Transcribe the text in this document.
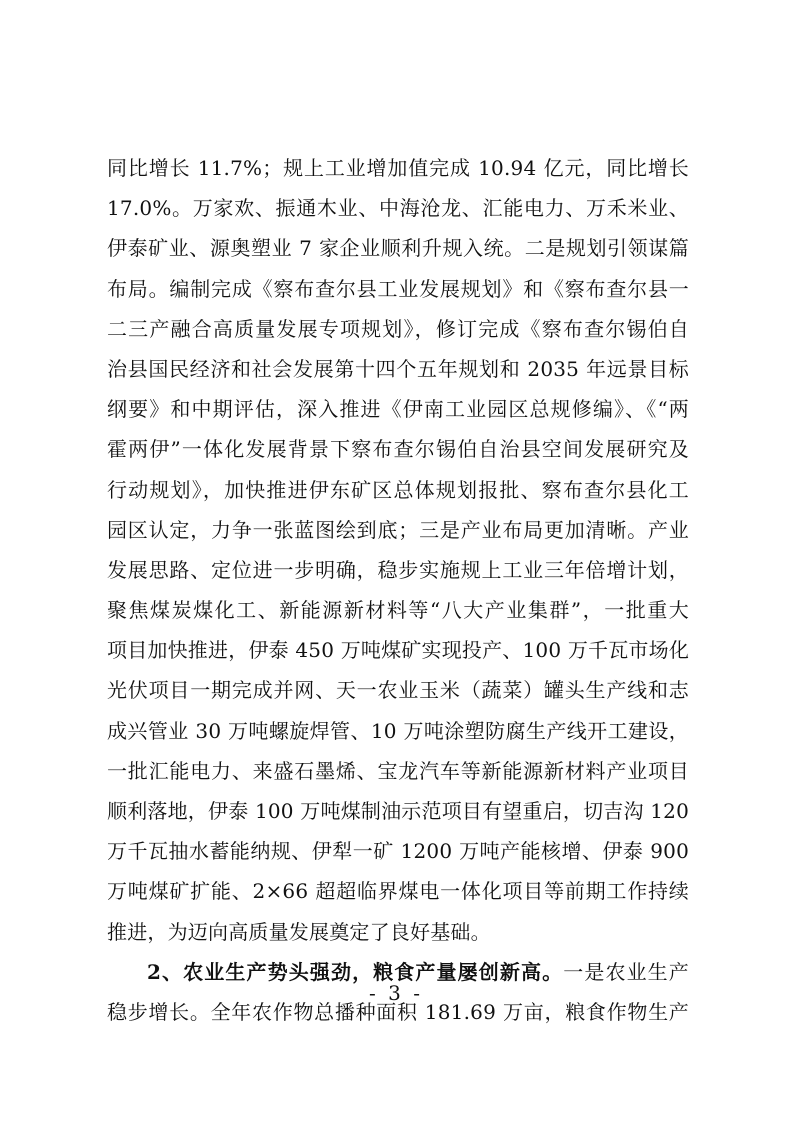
同比增长 11.7%；规上工业增加值完成 10.94 亿元，同比增长
17.0%。万家欢、振通木业、中海沧龙、汇能电力、万禾米业、
伊泰矿业、源奥塑业 7 家企业顺利升规入统。二是规划引领谋篇
布局。编制完成《察布查尔县工业发展规划》和《察布查尔县一
二三产融合高质量发展专项规划》，修订完成《察布查尔锡伯自
治县国民经济和社会发展第十四个五年规划和 2035 年远景目标
纲要》和中期评估，深入推进《伊南工业园区总规修编》、《“两
霍两伊”一体化发展背景下察布查尔锡伯自治县空间发展研究及
行动规划》，加快推进伊东矿区总体规划报批、察布查尔县化工
园区认定，力争一张蓝图绘到底；三是产业布局更加清晰。产业
发展思路、定位进一步明确，稳步实施规上工业三年倍增计划，
聚焦煤炭煤化工、新能源新材料等“八大产业集群”，一批重大
项目加快推进，伊泰 450 万吨煤矿实现投产、100 万千瓦市场化
光伏项目一期完成并网、天一农业玉米（蔬菜）罐头生产线和志
成兴管业 30 万吨螺旋焊管、10 万吨涂塑防腐生产线开工建设，
一批汇能电力、来盛石墨烯、宝龙汽车等新能源新材料产业项目
顺利落地，伊泰 100 万吨煤制油示范项目有望重启，切吉沟 120
万千瓦抽水蓄能纳规、伊犁一矿 1200 万吨产能核增、伊泰 900
万吨煤矿扩能、2×66 超超临界煤电一体化项目等前期工作持续
推进，为迈向高质量发展奠定了良好基础。
2、农业生产势头强劲，粮食产量屡创新高。一是农业生产
稳步增长。全年农作物总播种面积 181.69 万亩，粮食作物生产
- 3 -
